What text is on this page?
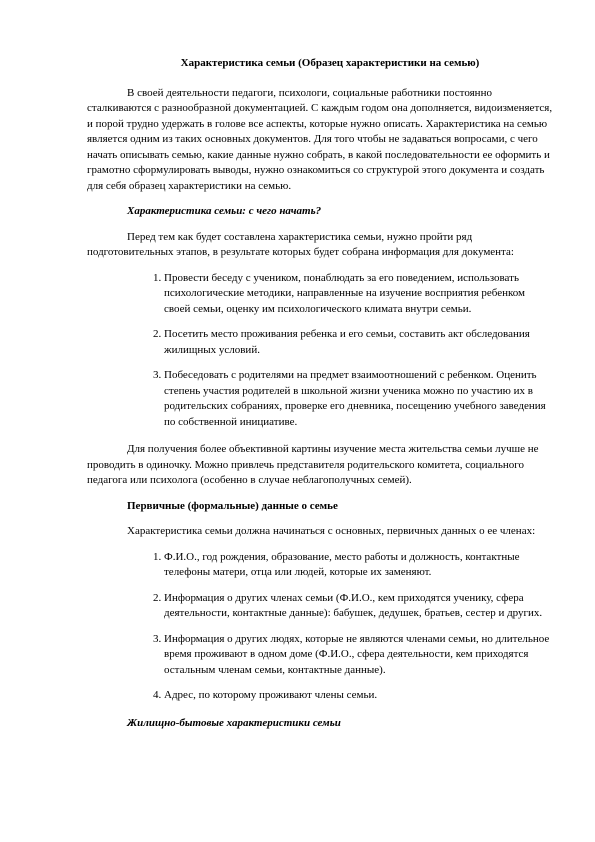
Характеристика семьи (Образец характеристики на семью)

В своей деятельности педагоги, психологи, социальные работники постоянно сталкиваются с разнообразной документацией. С каждым годом она дополняется, видоизменяется, и порой трудно удержать в голове все аспекты, которые нужно описать. Характеристика на семью является одним из таких основных документов. Для того чтобы не задаваться вопросами, с чего начать описывать семью, какие данные нужно собрать, в какой последовательности ее оформить и грамотно сформулировать выводы, нужно ознакомиться со структурой этого документа и создать для себя образец характеристики на семью.

Характеристика семьи: с чего начать?

Перед тем как будет составлена характеристика семьи, нужно пройти ряд подготовительных этапов, в результате которых будет собрана информация для документа:

1. Провести беседу с учеником, понаблюдать за его поведением, использовать психологические методики, направленные на изучение восприятия ребенком своей семьи, оценку им психологического климата внутри семьи.
2. Посетить место проживания ребенка и его семьи, составить акт обследования жилищных условий.
3. Побеседовать с родителями на предмет взаимоотношений с ребенком. Оценить степень участия родителей в школьной жизни ученика можно по участию их в родительских собраниях, проверке его дневника, посещению учебного заведения по собственной инициативе.

Для получения более объективной картины изучение места жительства семьи лучше не проводить в одиночку. Можно привлечь представителя родительского комитета, социального педагога или психолога (особенно в случае неблагополучных семей).

Первичные (формальные) данные о семье

Характеристика семьи должна начинаться с основных, первичных данных о ее членах:

1. Ф.И.О., год рождения, образование, место работы и должность, контактные телефоны матери, отца или людей, которые их заменяют.
2. Информация о других членах семьи (Ф.И.О., кем приходятся ученику, сфера деятельности, контактные данные): бабушек, дедушек, братьев, сестер и других.
3. Информация о других людях, которые не являются членами семьи, но длительное время проживают в одном доме (Ф.И.О., сфера деятельности, кем приходятся остальным членам семьи, контактные данные).
4. Адрес, по которому проживают члены семьи.
Жилищно-бытовые характеристики семьи
